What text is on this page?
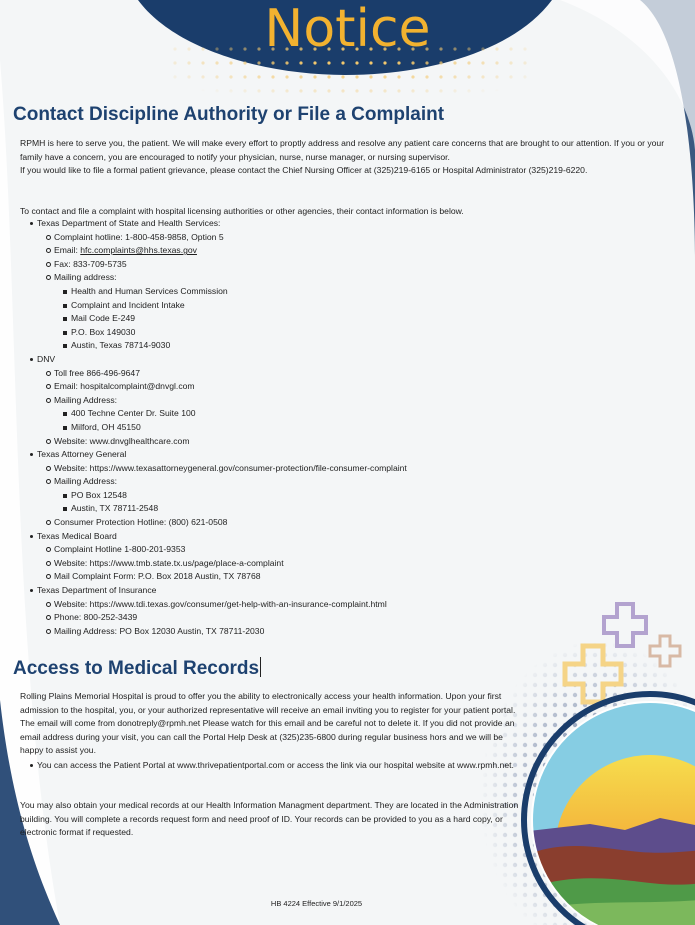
Notice
Contact Discipline Authority or File a Complaint
RPMH is here to serve you, the patient. We will make every effort to proptly address and resolve any patient care concerns that are brought to our attention. If you or your family have a concern, you are encouraged to notify your physician, nurse, nurse manager, or nursing supervisor.
If you would like to file a formal patient grievance, please contact the Chief Nursing Officer at (325)219-6165 or Hospital Administrator (325)219-6220.
To contact and file a complaint with hospital licensing authorities or other agencies, their contact information is below.
Texas Department of State and Health Services:
Complaint hotline: 1-800-458-9858, Option 5
Email: hfc.complaints@hhs.texas.gov
Fax: 833-709-5735
Mailing address:
Health and Human Services Commission
Complaint and Incident Intake
Mail Code E-249
P.O. Box 149030
Austin, Texas 78714-9030
DNV
Toll free 866-496-9647
Email: hospitalcomplaint@dnvgl.com
Mailing Address:
400 Techne Center Dr. Suite 100
Milford, OH 45150
Website: www.dnvglhealthcare.com
Texas Attorney General
Website: https://www.texasattorneygeneral.gov/consumer-protection/file-consumer-complaint
Mailing Address:
PO Box 12548
Austin, TX 78711-2548
Consumer Protection Hotline: (800) 621-0508
Texas Medical Board
Complaint Hotline 1-800-201-9353
Website: https://www.tmb.state.tx.us/page/place-a-complaint
Mail Complaint Form: P.O. Box 2018 Austin, TX 78768
Texas Department of Insurance
Website: https://www.tdi.texas.gov/consumer/get-help-with-an-insurance-complaint.html
Phone: 800-252-3439
Mailing Address: PO Box 12030 Austin, TX 78711-2030
Access to Medical Records
Rolling Plains Memorial Hospital is proud to offer you the ability to electronically access your health information. Upon your first admission to the hospital, you, or your authorized representative will receive an email inviting you to register for your patient portal. The email will come from donotreply@rpmh.net Please watch for this email and be careful not to delete it. If you did not provide an email address during your visit, you can call the Portal Help Desk at (325)235-6800 during regular business hors and we will be happy to assist you.
You can access the Patient Portal at www.thrivepatientportal.com or access the link via our hospital website at www.rpmh.net.
You may also obtain your medical records at our Health Information Managment department. They are located in the Administration building. You will complete a records request form and need proof of ID. Your records can be provided to you as a hard copy, or electronic format if requested.
HB 4224 Effective 9/1/2025
